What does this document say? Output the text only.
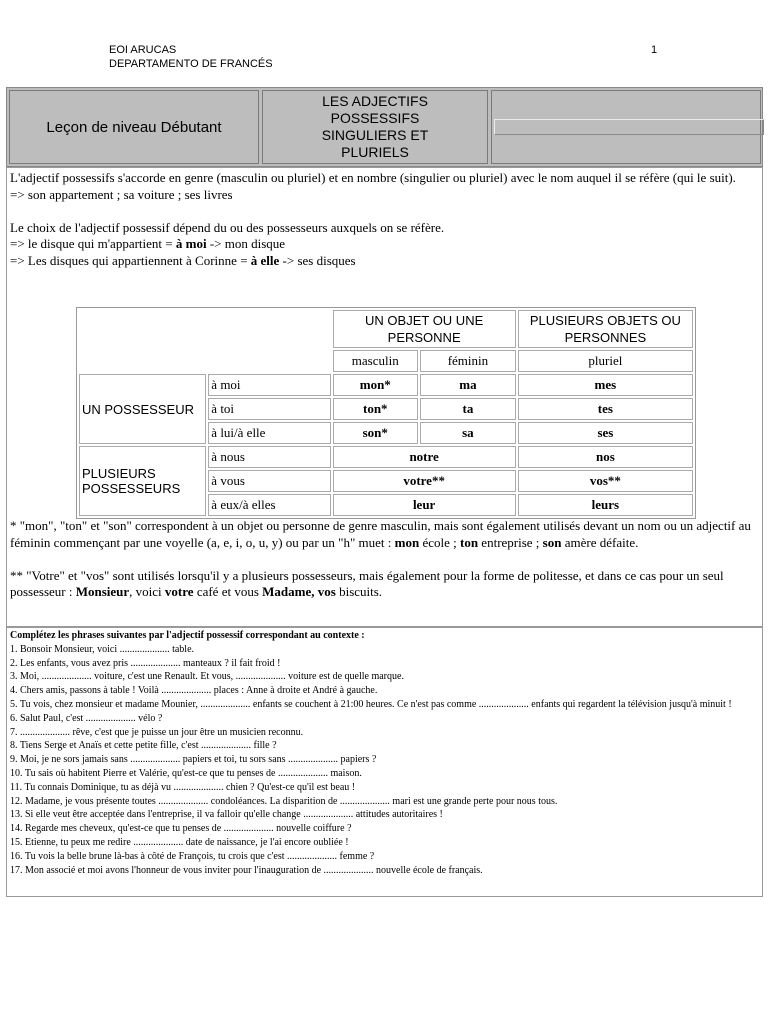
EOI ARUCAS
DEPARTAMENTO DE FRANCÉS
1
Leçon de niveau Débutant
LES ADJECTIFS
POSSESSIFS
SINGULIERS ET
PLURIELS

L'adjectif possessifs s'accorde en genre (masculin ou pluriel) et en nombre (singulier ou pluriel) avec le nom auquel il se réfère (qui le suit).

=> son appartement ; sa voiture ; ses livres

Le choix de l'adjectif possessif dépend du ou des possesseurs auxquels on se réfère.

=> le disque qui m'appartient = à moi -> mon disque

=> Les disques qui appartiennent à Corinne = à elle -> ses disques

		UN OBJET OU UNE PERSONNE		PLUSIEURS OBJETS OU PERSONNES
		masculin	féminin	pluriel
UN POSSESSEUR	à moi	mon*	ma	mes
	à toi	ton*	ta	tes
	à lui/à elle	son*	sa	ses
PLUSIEURS POSSESSEURS	à nous	notre		nos
	à vous	votre**		vos**
	à eux/à elles	leur		leurs

* "mon", "ton" et "son" correspondent à un objet ou personne de genre masculin, mais sont également utilisés devant un nom ou un adjectif au féminin commençant par une voyelle (a, e, i, o, u, y) ou par un "h" muet : mon école ; ton entreprise ; son amère défaite.

** "Votre" et "vos" sont utilisés lorsqu'il y a plusieurs possesseurs, mais également pour la forme de politesse, et dans ce cas pour un seul possesseur : Monsieur, voici votre café et vous Madame, vos biscuits.

Complétez les phrases suivantes par l'adjectif possessif correspondant au contexte :
1. Bonsoir Monsieur, voici .................... table.
2. Les enfants, vous avez pris .................... manteaux ? il fait froid !
3. Moi, .................... voiture, c'est une Renault. Et vous, .................... voiture est de quelle marque.
4. Chers amis, passons à table ! Voilà .................... places : Anne à droite et André à gauche.
5. Tu vois, chez monsieur et madame Mounier, .................... enfants se couchent à 21:00 heures. Ce n'est pas comme .................... enfants qui regardent la télévision jusqu'à minuit !
6. Salut Paul, c'est .................... vélo ?
7. .................... rêve, c'est que je puisse un jour être un musicien reconnu.
8. Tiens Serge et Anaïs et cette petite fille, c'est .................... fille ?
9. Moi, je ne sors jamais sans .................... papiers et toi, tu sors sans .................... papiers ?
10. Tu sais où habitent Pierre et Valérie, qu'est-ce que tu penses de .................... maison.
11. Tu connais Dominique, tu as déjà vu .................... chien ? Qu'est-ce qu'il est beau !
12. Madame, je vous présente toutes .................... condoléances. La disparition de .................... mari est une grande perte pour nous tous.
13. Si elle veut être acceptée dans l'entreprise, il va falloir qu'elle change .................... attitudes autoritaires !
14. Regarde mes cheveux, qu'est-ce que tu penses de .................... nouvelle coiffure ?
15. Etienne, tu peux me redire .................... date de naissance, je l'ai encore oubliée !
16. Tu vois la belle brune là-bas à côté de François, tu crois que c'est .................... femme ?
17. Mon associé et moi avons l'honneur de vous inviter pour l'inauguration de .................... nouvelle école de français.
